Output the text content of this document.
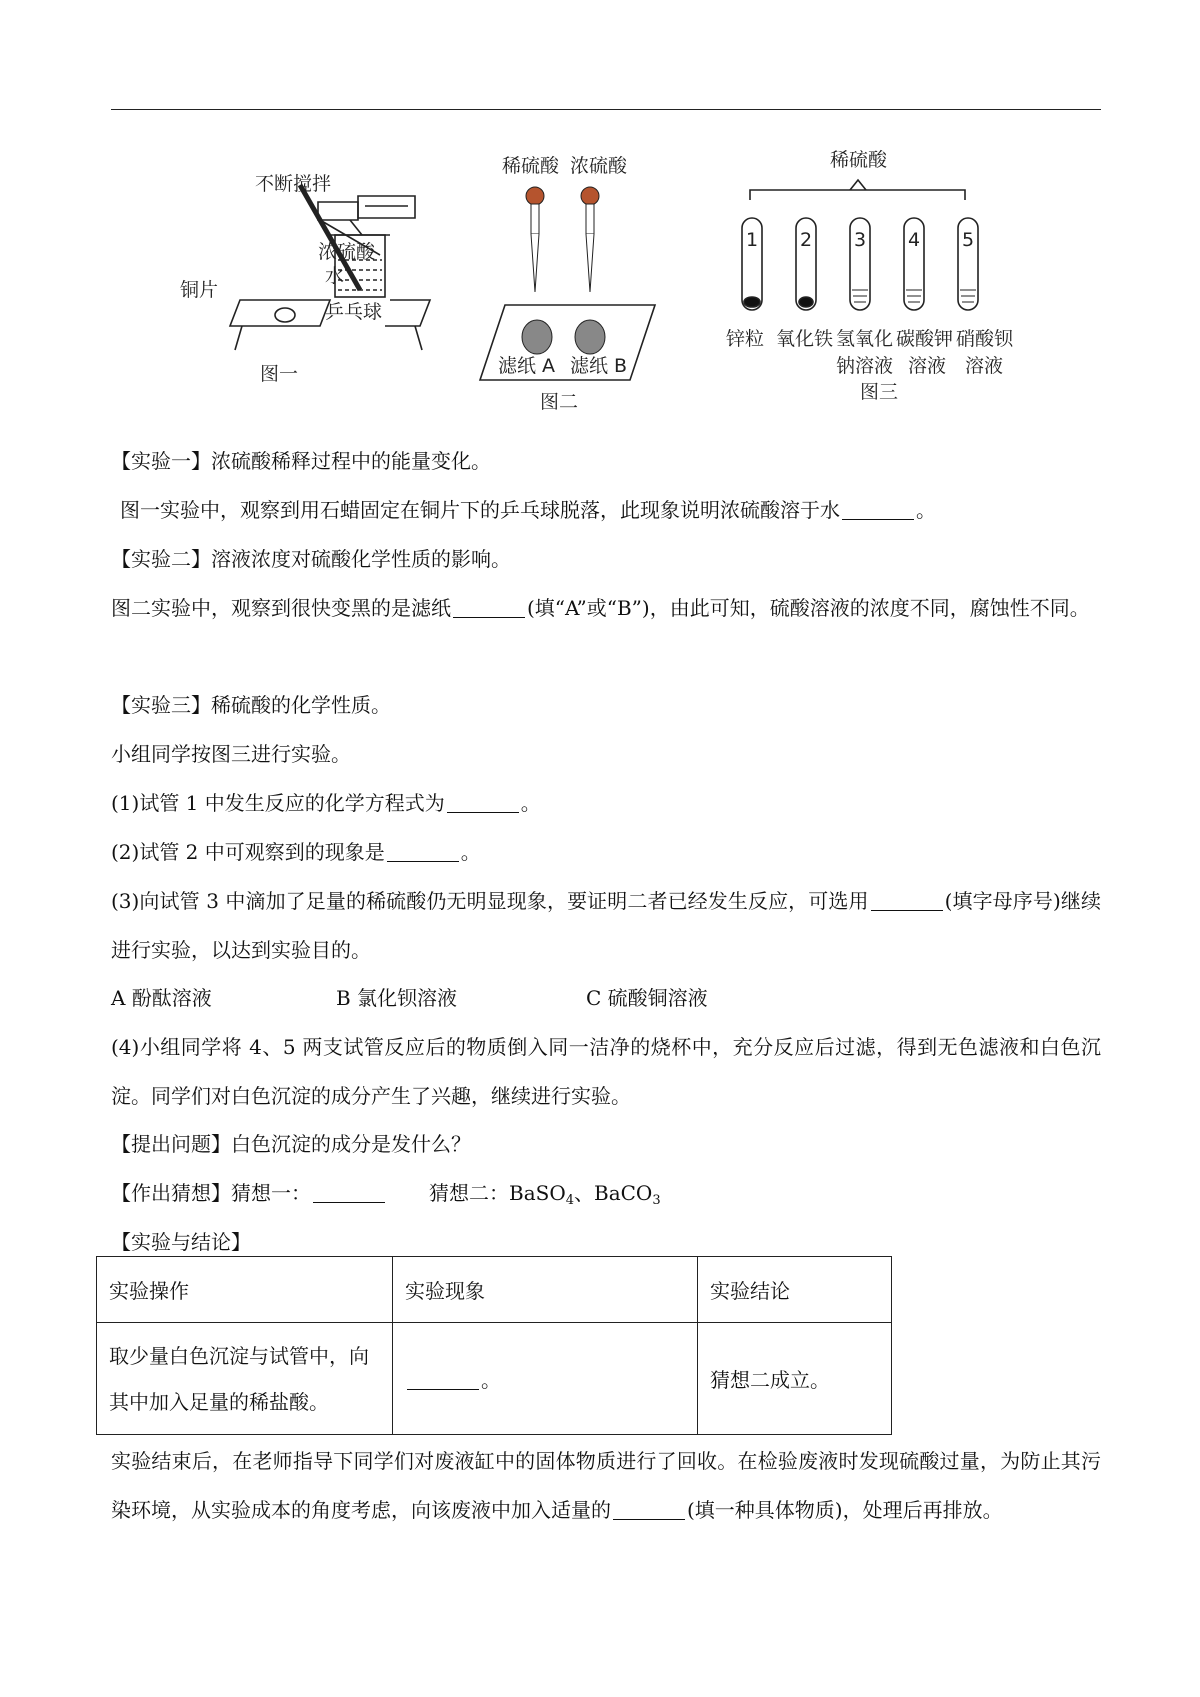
不断搅拌
浓硫酸
水
铜片
乒乓球
图一
稀硫酸 浓硫酸
滤纸 A 滤纸 B
图二
稀硫酸
1 2 3 4 5
锌粒 氧化铁 氢氧化 碳酸钾 硝酸钡
钠溶液 溶液 溶液
图三
【实验一】浓硫酸稀释过程中的能量变化。
图一实验中，观察到用石蜡固定在铜片下的乒乓球脱落，此现象说明浓硫酸溶于水	。
【实验二】溶液浓度对硫酸化学性质的影响。
图二实验中，观察到很快变黑的是滤纸	(填“A”或“B”)，由此可知，硫酸溶液的浓度不同，腐蚀性不同。
【实验三】稀硫酸的化学性质。
小组同学按图三进行实验。
(1)试管 1 中发生反应的化学方程式为	。
(2)试管 2 中可观察到的现象是	。
(3)向试管 3 中滴加了足量的稀硫酸仍无明显现象，要证明二者已经发生反应，可选用	(填字母序号)继续进行实验，以达到实验目的。
A 酚酞溶液	B 氯化钡溶液	C 硫酸铜溶液
(4)小组同学将 4、5 两支试管反应后的物质倒入同一洁净的烧杯中，充分反应后过滤，得到无色滤液和白色沉淀。同学们对白色沉淀的成分产生了兴趣，继续进行实验。
【提出问题】白色沉淀的成分是发什么？
【作出猜想】猜想一：	猜想二：BaSO$_4$、BaCO$_3$
【实验与结论】
实验操作	实验现象	实验结论
取少量白色沉淀与试管中，向
其中加入足量的稀盐酸。	。	猜想二成立。
实验结束后，在老师指导下同学们对废液缸中的固体物质进行了回收。在检验废液时发现硫酸过量，为防止其污染环境，从实验成本的角度考虑，向该废液中加入适量的	(填一种具体物质)，处理后再排放。
